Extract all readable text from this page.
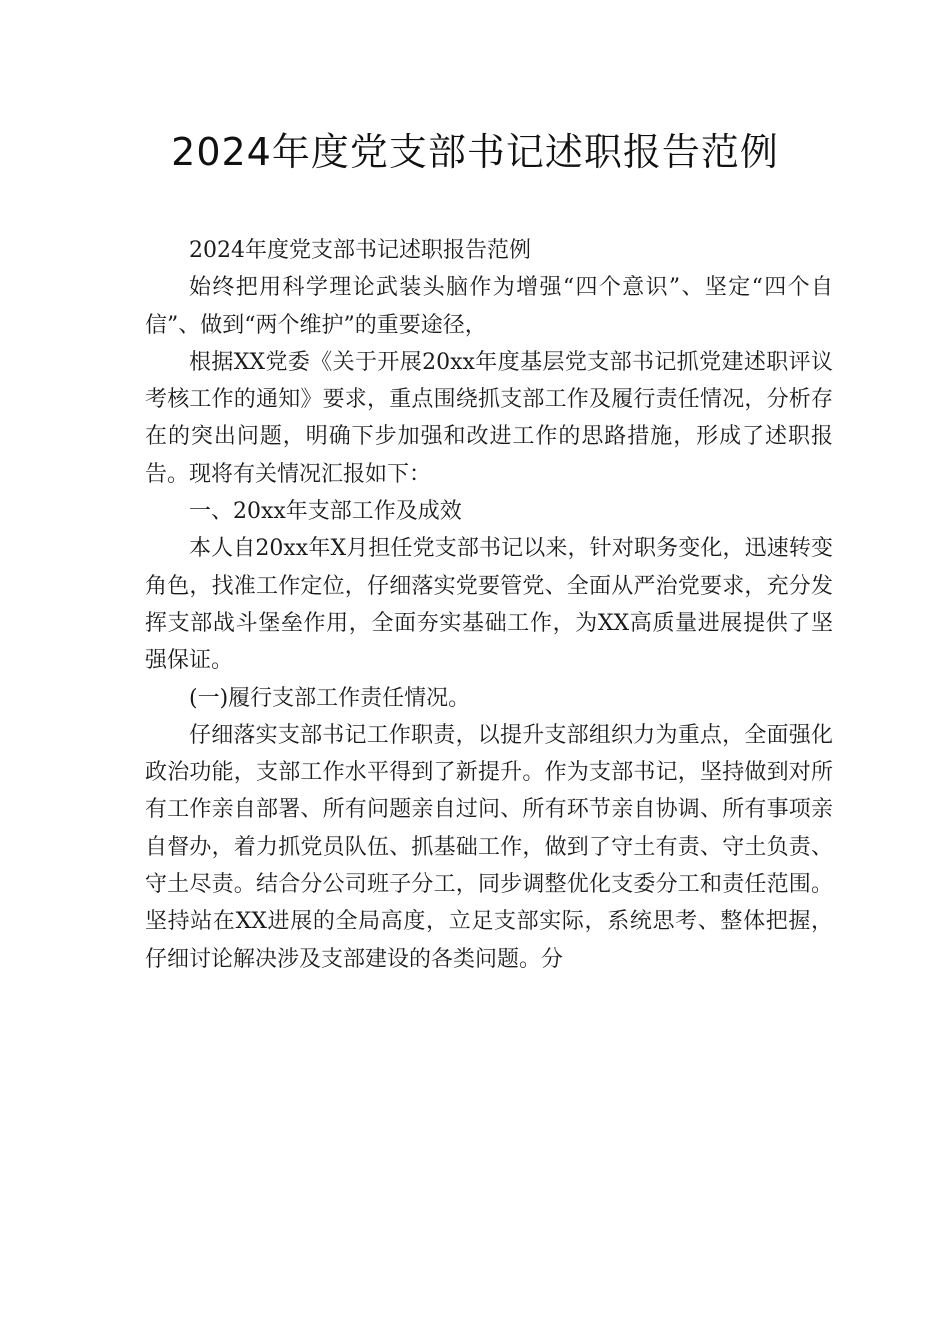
2024年度党支部书记述职报告范例

2024年度党支部书记述职报告范例

始终把用科学理论武装头脑作为增强“四个意识”、坚定“四个自信”、做到“两个维护”的重要途径，

根据XX党委《关于开展20xx年度基层党支部书记抓党建述职评议考核工作的通知》要求，重点围绕抓支部工作及履行责任情况，分析存在的突出问题，明确下步加强和改进工作的思路措施，形成了述职报告。现将有关情况汇报如下：

一、20xx年支部工作及成效

本人自20xx年X月担任党支部书记以来，针对职务变化，迅速转变角色，找准工作定位，仔细落实党要管党、全面从严治党要求，充分发挥支部战斗堡垒作用，全面夯实基础工作，为XX高质量进展提供了坚强保证。

(一)履行支部工作责任情况。

仔细落实支部书记工作职责，以提升支部组织力为重点，全面强化政治功能，支部工作水平得到了新提升。作为支部书记，坚持做到对所有工作亲自部署、所有问题亲自过问、所有环节亲自协调、所有事项亲自督办，着力抓党员队伍、抓基础工作，做到了守土有责、守土负责、守土尽责。结合分公司班子分工，同步调整优化支委分工和责任范围。坚持站在XX进展的全局高度，立足支部实际，系统思考、整体把握，仔细讨论解决涉及支部建设的各类问题。分
